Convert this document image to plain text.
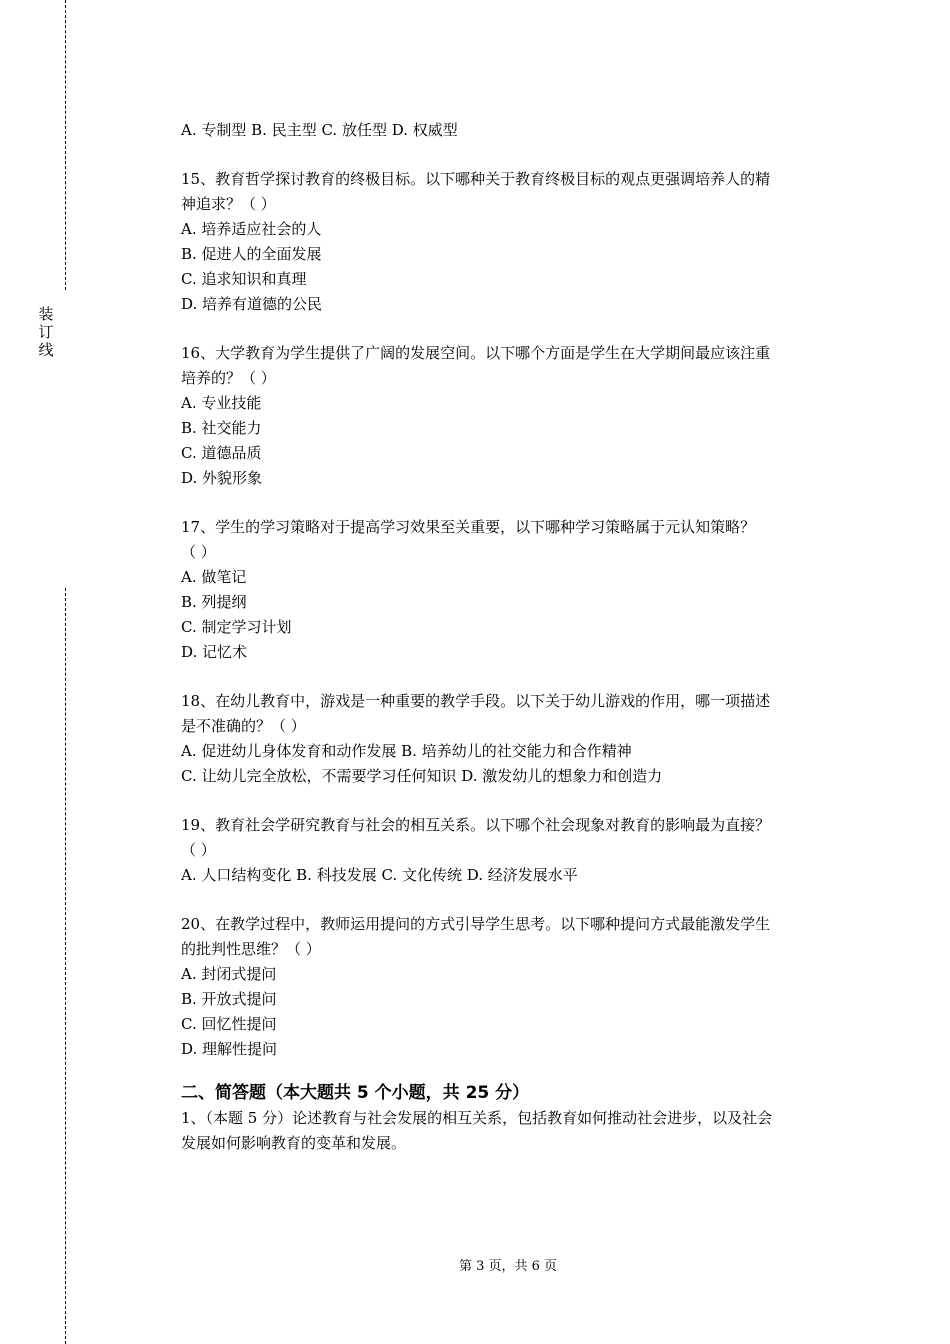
装
订
线
A. 专制型 B. 民主型 C. 放任型 D. 权威型
15、教育哲学探讨教育的终极目标。以下哪种关于教育终极目标的观点更强调培养人的精
神追求？（ ）
A. 培养适应社会的人
B. 促进人的全面发展
C. 追求知识和真理
D. 培养有道德的公民
16、大学教育为学生提供了广阔的发展空间。以下哪个方面是学生在大学期间最应该注重
培养的？（ ）
A. 专业技能
B. 社交能力
C. 道德品质
D. 外貌形象
17、学生的学习策略对于提高学习效果至关重要，以下哪种学习策略属于元认知策略？
（ ）
A. 做笔记
B. 列提纲
C. 制定学习计划
D. 记忆术
18、在幼儿教育中，游戏是一种重要的教学手段。以下关于幼儿游戏的作用，哪一项描述
是不准确的？（ ）
A. 促进幼儿身体发育和动作发展 B. 培养幼儿的社交能力和合作精神
C. 让幼儿完全放松，不需要学习任何知识 D. 激发幼儿的想象力和创造力
19、教育社会学研究教育与社会的相互关系。以下哪个社会现象对教育的影响最为直接？
（ ）
A. 人口结构变化 B. 科技发展 C. 文化传统 D. 经济发展水平
20、在教学过程中，教师运用提问的方式引导学生思考。以下哪种提问方式最能激发学生
的批判性思维？（ ）
A. 封闭式提问
B. 开放式提问
C. 回忆性提问
D. 理解性提问
二、简答题（本大题共 5 个小题，共 25 分）
1、（本题 5 分）论述教育与社会发展的相互关系，包括教育如何推动社会进步，以及社会
发展如何影响教育的变革和发展。
第 3 页，共 6 页
